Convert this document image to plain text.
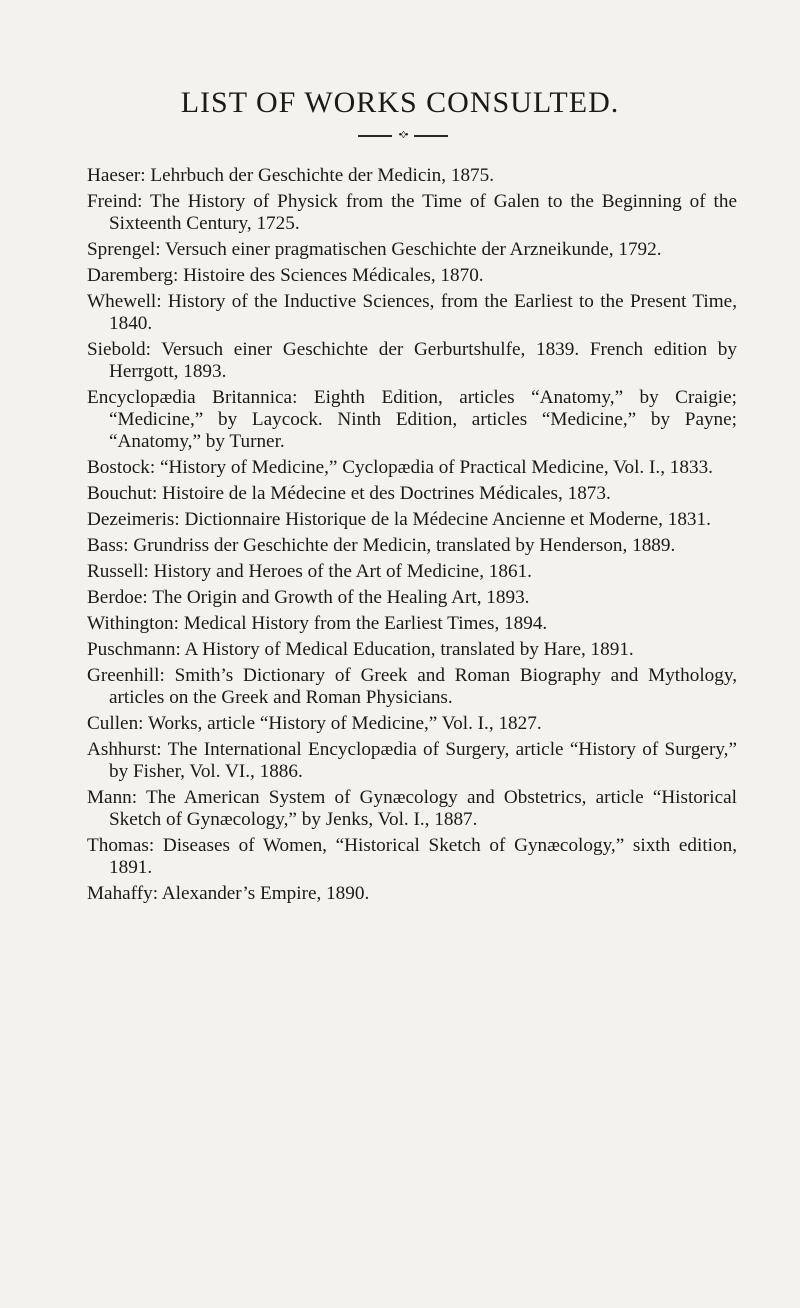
LIST OF WORKS CONSULTED.
•◊•
Haeser: Lehrbuch der Geschichte der Medicin, 1875.
Freind: The History of Physick from the Time of Galen to the Beginning of the Sixteenth Century, 1725.
Sprengel: Versuch einer pragmatischen Geschichte der Arzneikunde, 1792.
Daremberg: Histoire des Sciences Médicales, 1870.
Whewell: History of the Inductive Sciences, from the Earliest to the Present Time, 1840.
Siebold: Versuch einer Geschichte der Gerburtshulfe, 1839. French edition by Herrgott, 1893.
Encyclopædia Britannica: Eighth Edition, articles “Anatomy,” by Craigie; “Medicine,” by Laycock. Ninth Edition, articles “Medicine,” by Payne; “Anatomy,” by Turner.
Bostock: “History of Medicine,” Cyclopædia of Practical Medicine, Vol. I., 1833.
Bouchut: Histoire de la Médecine et des Doctrines Médicales, 1873.
Dezeimeris: Dictionnaire Historique de la Médecine Ancienne et Moderne, 1831.
Bass: Grundriss der Geschichte der Medicin, translated by Henderson, 1889.
Russell: History and Heroes of the Art of Medicine, 1861.
Berdoe: The Origin and Growth of the Healing Art, 1893.
Withington: Medical History from the Earliest Times, 1894.
Puschmann: A History of Medical Education, translated by Hare, 1891.
Greenhill: Smith’s Dictionary of Greek and Roman Biography and Mythology, articles on the Greek and Roman Physicians.
Cullen: Works, article “History of Medicine,” Vol. I., 1827.
Ashhurst: The International Encyclopædia of Surgery, article “History of Surgery,” by Fisher, Vol. VI., 1886.
Mann: The American System of Gynæcology and Obstetrics, article “Historical Sketch of Gynæcology,” by Jenks, Vol. I., 1887.
Thomas: Diseases of Women, “Historical Sketch of Gynæcology,” sixth edition, 1891.
Mahaffy: Alexander’s Empire, 1890.
